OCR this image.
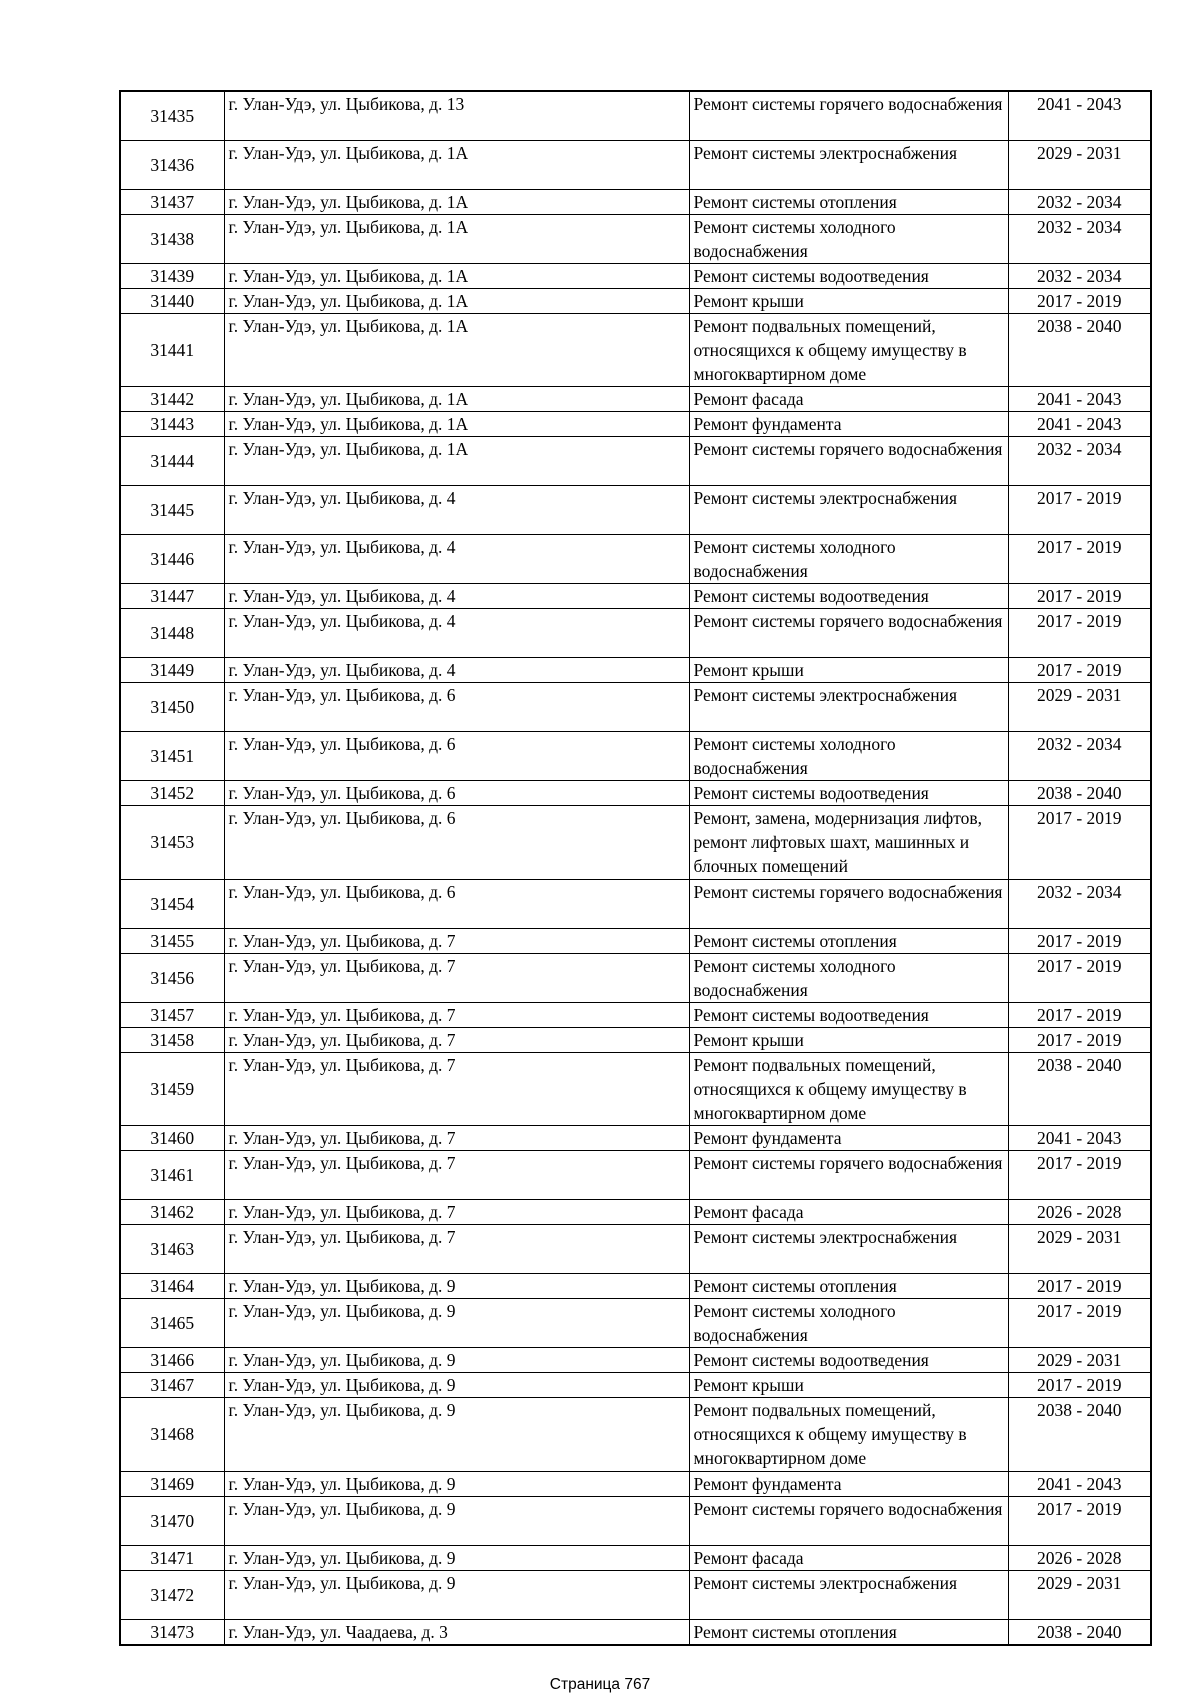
31435	г. Улан-Удэ, ул. Цыбикова, д. 13	Ремонт системы горячего водоснабжения	2041 - 2043
31436	г. Улан-Удэ, ул. Цыбикова, д. 1А	Ремонт системы электроснабжения	2029 - 2031
31437	г. Улан-Удэ, ул. Цыбикова, д. 1А	Ремонт системы отопления	2032 - 2034
31438	г. Улан-Удэ, ул. Цыбикова, д. 1А	Ремонт системы холодного водоснабжения	2032 - 2034
31439	г. Улан-Удэ, ул. Цыбикова, д. 1А	Ремонт системы водоотведения	2032 - 2034
31440	г. Улан-Удэ, ул. Цыбикова, д. 1А	Ремонт крыши	2017 - 2019
31441	г. Улан-Удэ, ул. Цыбикова, д. 1А	Ремонт подвальных помещений, относящихся к общему имуществу в многоквартирном доме	2038 - 2040
31442	г. Улан-Удэ, ул. Цыбикова, д. 1А	Ремонт фасада	2041 - 2043
31443	г. Улан-Удэ, ул. Цыбикова, д. 1А	Ремонт фундамента	2041 - 2043
31444	г. Улан-Удэ, ул. Цыбикова, д. 1А	Ремонт системы горячего водоснабжения	2032 - 2034
31445	г. Улан-Удэ, ул. Цыбикова, д. 4	Ремонт системы электроснабжения	2017 - 2019
31446	г. Улан-Удэ, ул. Цыбикова, д. 4	Ремонт системы холодного водоснабжения	2017 - 2019
31447	г. Улан-Удэ, ул. Цыбикова, д. 4	Ремонт системы водоотведения	2017 - 2019
31448	г. Улан-Удэ, ул. Цыбикова, д. 4	Ремонт системы горячего водоснабжения	2017 - 2019
31449	г. Улан-Удэ, ул. Цыбикова, д. 4	Ремонт крыши	2017 - 2019
31450	г. Улан-Удэ, ул. Цыбикова, д. 6	Ремонт системы электроснабжения	2029 - 2031
31451	г. Улан-Удэ, ул. Цыбикова, д. 6	Ремонт системы холодного водоснабжения	2032 - 2034
31452	г. Улан-Удэ, ул. Цыбикова, д. 6	Ремонт системы водоотведения	2038 - 2040
31453	г. Улан-Удэ, ул. Цыбикова, д. 6	Ремонт, замена, модернизация лифтов, ремонт лифтовых шахт, машинных и блочных помещений	2017 - 2019
31454	г. Улан-Удэ, ул. Цыбикова, д. 6	Ремонт системы горячего водоснабжения	2032 - 2034
31455	г. Улан-Удэ, ул. Цыбикова, д. 7	Ремонт системы отопления	2017 - 2019
31456	г. Улан-Удэ, ул. Цыбикова, д. 7	Ремонт системы холодного водоснабжения	2017 - 2019
31457	г. Улан-Удэ, ул. Цыбикова, д. 7	Ремонт системы водоотведения	2017 - 2019
31458	г. Улан-Удэ, ул. Цыбикова, д. 7	Ремонт крыши	2017 - 2019
31459	г. Улан-Удэ, ул. Цыбикова, д. 7	Ремонт подвальных помещений, относящихся к общему имуществу в многоквартирном доме	2038 - 2040
31460	г. Улан-Удэ, ул. Цыбикова, д. 7	Ремонт фундамента	2041 - 2043
31461	г. Улан-Удэ, ул. Цыбикова, д. 7	Ремонт системы горячего водоснабжения	2017 - 2019
31462	г. Улан-Удэ, ул. Цыбикова, д. 7	Ремонт фасада	2026 - 2028
31463	г. Улан-Удэ, ул. Цыбикова, д. 7	Ремонт системы электроснабжения	2029 - 2031
31464	г. Улан-Удэ, ул. Цыбикова, д. 9	Ремонт системы отопления	2017 - 2019
31465	г. Улан-Удэ, ул. Цыбикова, д. 9	Ремонт системы холодного водоснабжения	2017 - 2019
31466	г. Улан-Удэ, ул. Цыбикова, д. 9	Ремонт системы водоотведения	2029 - 2031
31467	г. Улан-Удэ, ул. Цыбикова, д. 9	Ремонт крыши	2017 - 2019
31468	г. Улан-Удэ, ул. Цыбикова, д. 9	Ремонт подвальных помещений, относящихся к общему имуществу в многоквартирном доме	2038 - 2040
31469	г. Улан-Удэ, ул. Цыбикова, д. 9	Ремонт фундамента	2041 - 2043
31470	г. Улан-Удэ, ул. Цыбикова, д. 9	Ремонт системы горячего водоснабжения	2017 - 2019
31471	г. Улан-Удэ, ул. Цыбикова, д. 9	Ремонт фасада	2026 - 2028
31472	г. Улан-Удэ, ул. Цыбикова, д. 9	Ремонт системы электроснабжения	2029 - 2031
31473	г. Улан-Удэ, ул. Чаадаева, д. 3	Ремонт системы отопления	2038 - 2040
Страница 767
